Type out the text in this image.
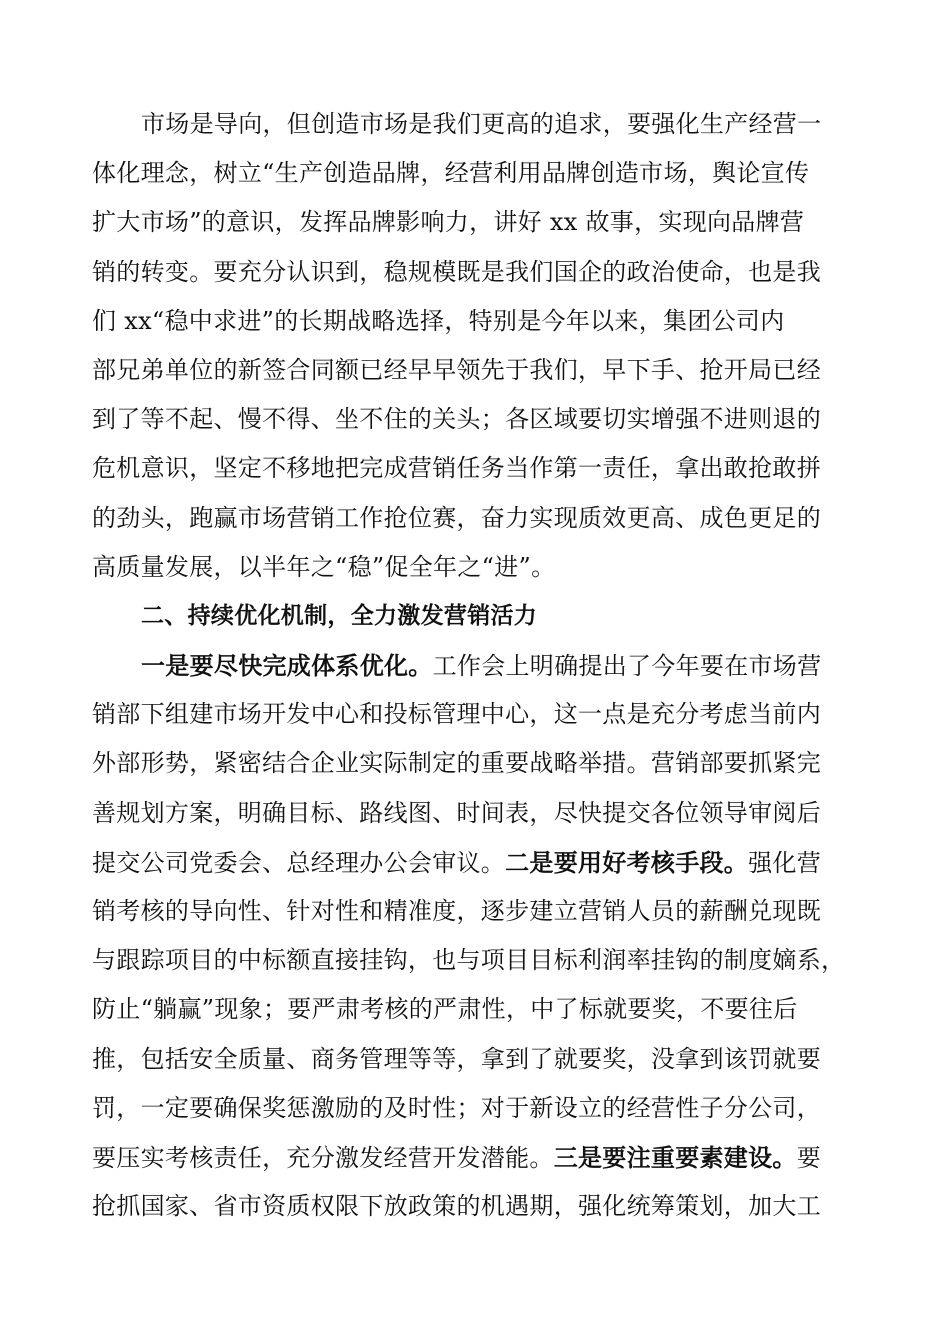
市场是导向，但创造市场是我们更高的追求，要强化生产经营一
体化理念，树立“生产创造品牌，经营利用品牌创造市场，舆论宣传
扩大市场”的意识，发挥品牌影响力，讲好 xx 故事，实现向品牌营
销的转变。要充分认识到，稳规模既是我们国企的政治使命，也是我
们 xx“稳中求进”的长期战略选择，特别是今年以来，集团公司内
部兄弟单位的新签合同额已经早早领先于我们，早下手、抢开局已经
到了等不起、慢不得、坐不住的关头；各区域要切实增强不进则退的
危机意识，坚定不移地把完成营销任务当作第一责任，拿出敢抢敢拼
的劲头，跑赢市场营销工作抢位赛，奋力实现质效更高、成色更足的
高质量发展，以半年之“稳”促全年之“进”。
二、持续优化机制，全力激发营销活力
一是要尽快完成体系优化。工作会上明确提出了今年要在市场营
销部下组建市场开发中心和投标管理中心，这一点是充分考虑当前内
外部形势，紧密结合企业实际制定的重要战略举措。营销部要抓紧完
善规划方案，明确目标、路线图、时间表，尽快提交各位领导审阅后
提交公司党委会、总经理办公会审议。二是要用好考核手段。强化营
销考核的导向性、针对性和精准度，逐步建立营销人员的薪酬兑现既
与跟踪项目的中标额直接挂钩，也与项目目标利润率挂钩的制度嫡系，
防止“躺赢”现象；要严肃考核的严肃性，中了标就要奖，不要往后
推，包括安全质量、商务管理等等，拿到了就要奖，没拿到该罚就要
罚，一定要确保奖惩激励的及时性；对于新设立的经营性子分公司，
要压实考核责任，充分激发经营开发潜能。三是要注重要素建设。要
抢抓国家、省市资质权限下放政策的机遇期，强化统筹策划，加大工
